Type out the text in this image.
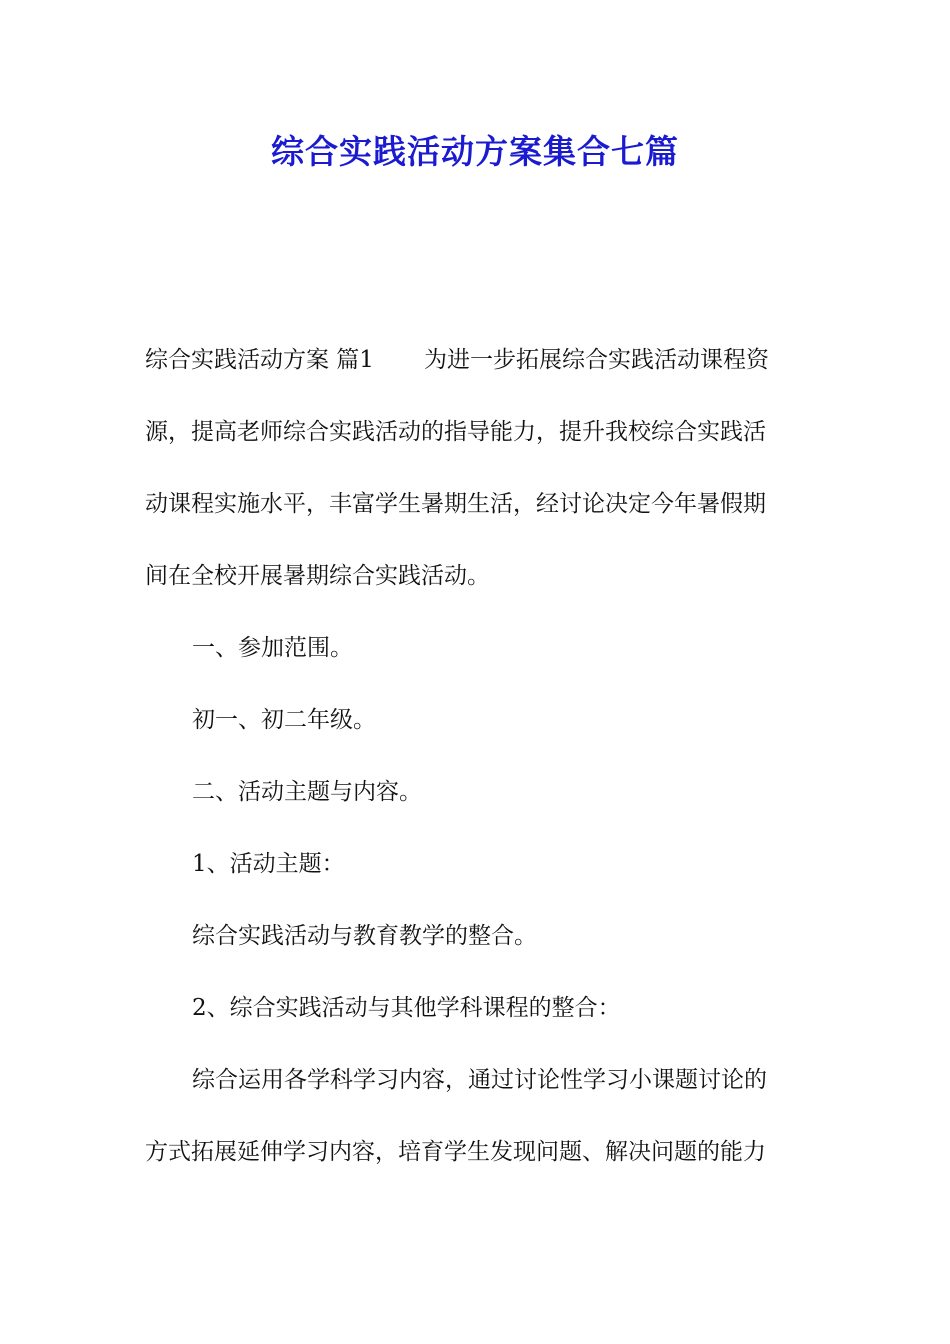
综合实践活动方案集合七篇

综合实践活动方案 篇1 为进一步拓展综合实践活动课程资

源，提高老师综合实践活动的指导能力，提升我校综合实践活

动课程实施水平，丰富学生暑期生活，经讨论决定今年暑假期

间在全校开展暑期综合实践活动。

一、参加范围。

初一、初二年级。

二、活动主题与内容。

1、活动主题：

综合实践活动与教育教学的整合。

2、综合实践活动与其他学科课程的整合：

综合运用各学科学习内容，通过讨论性学习小课题讨论的

方式拓展延伸学习内容，培育学生发现问题、解决问题的能力
